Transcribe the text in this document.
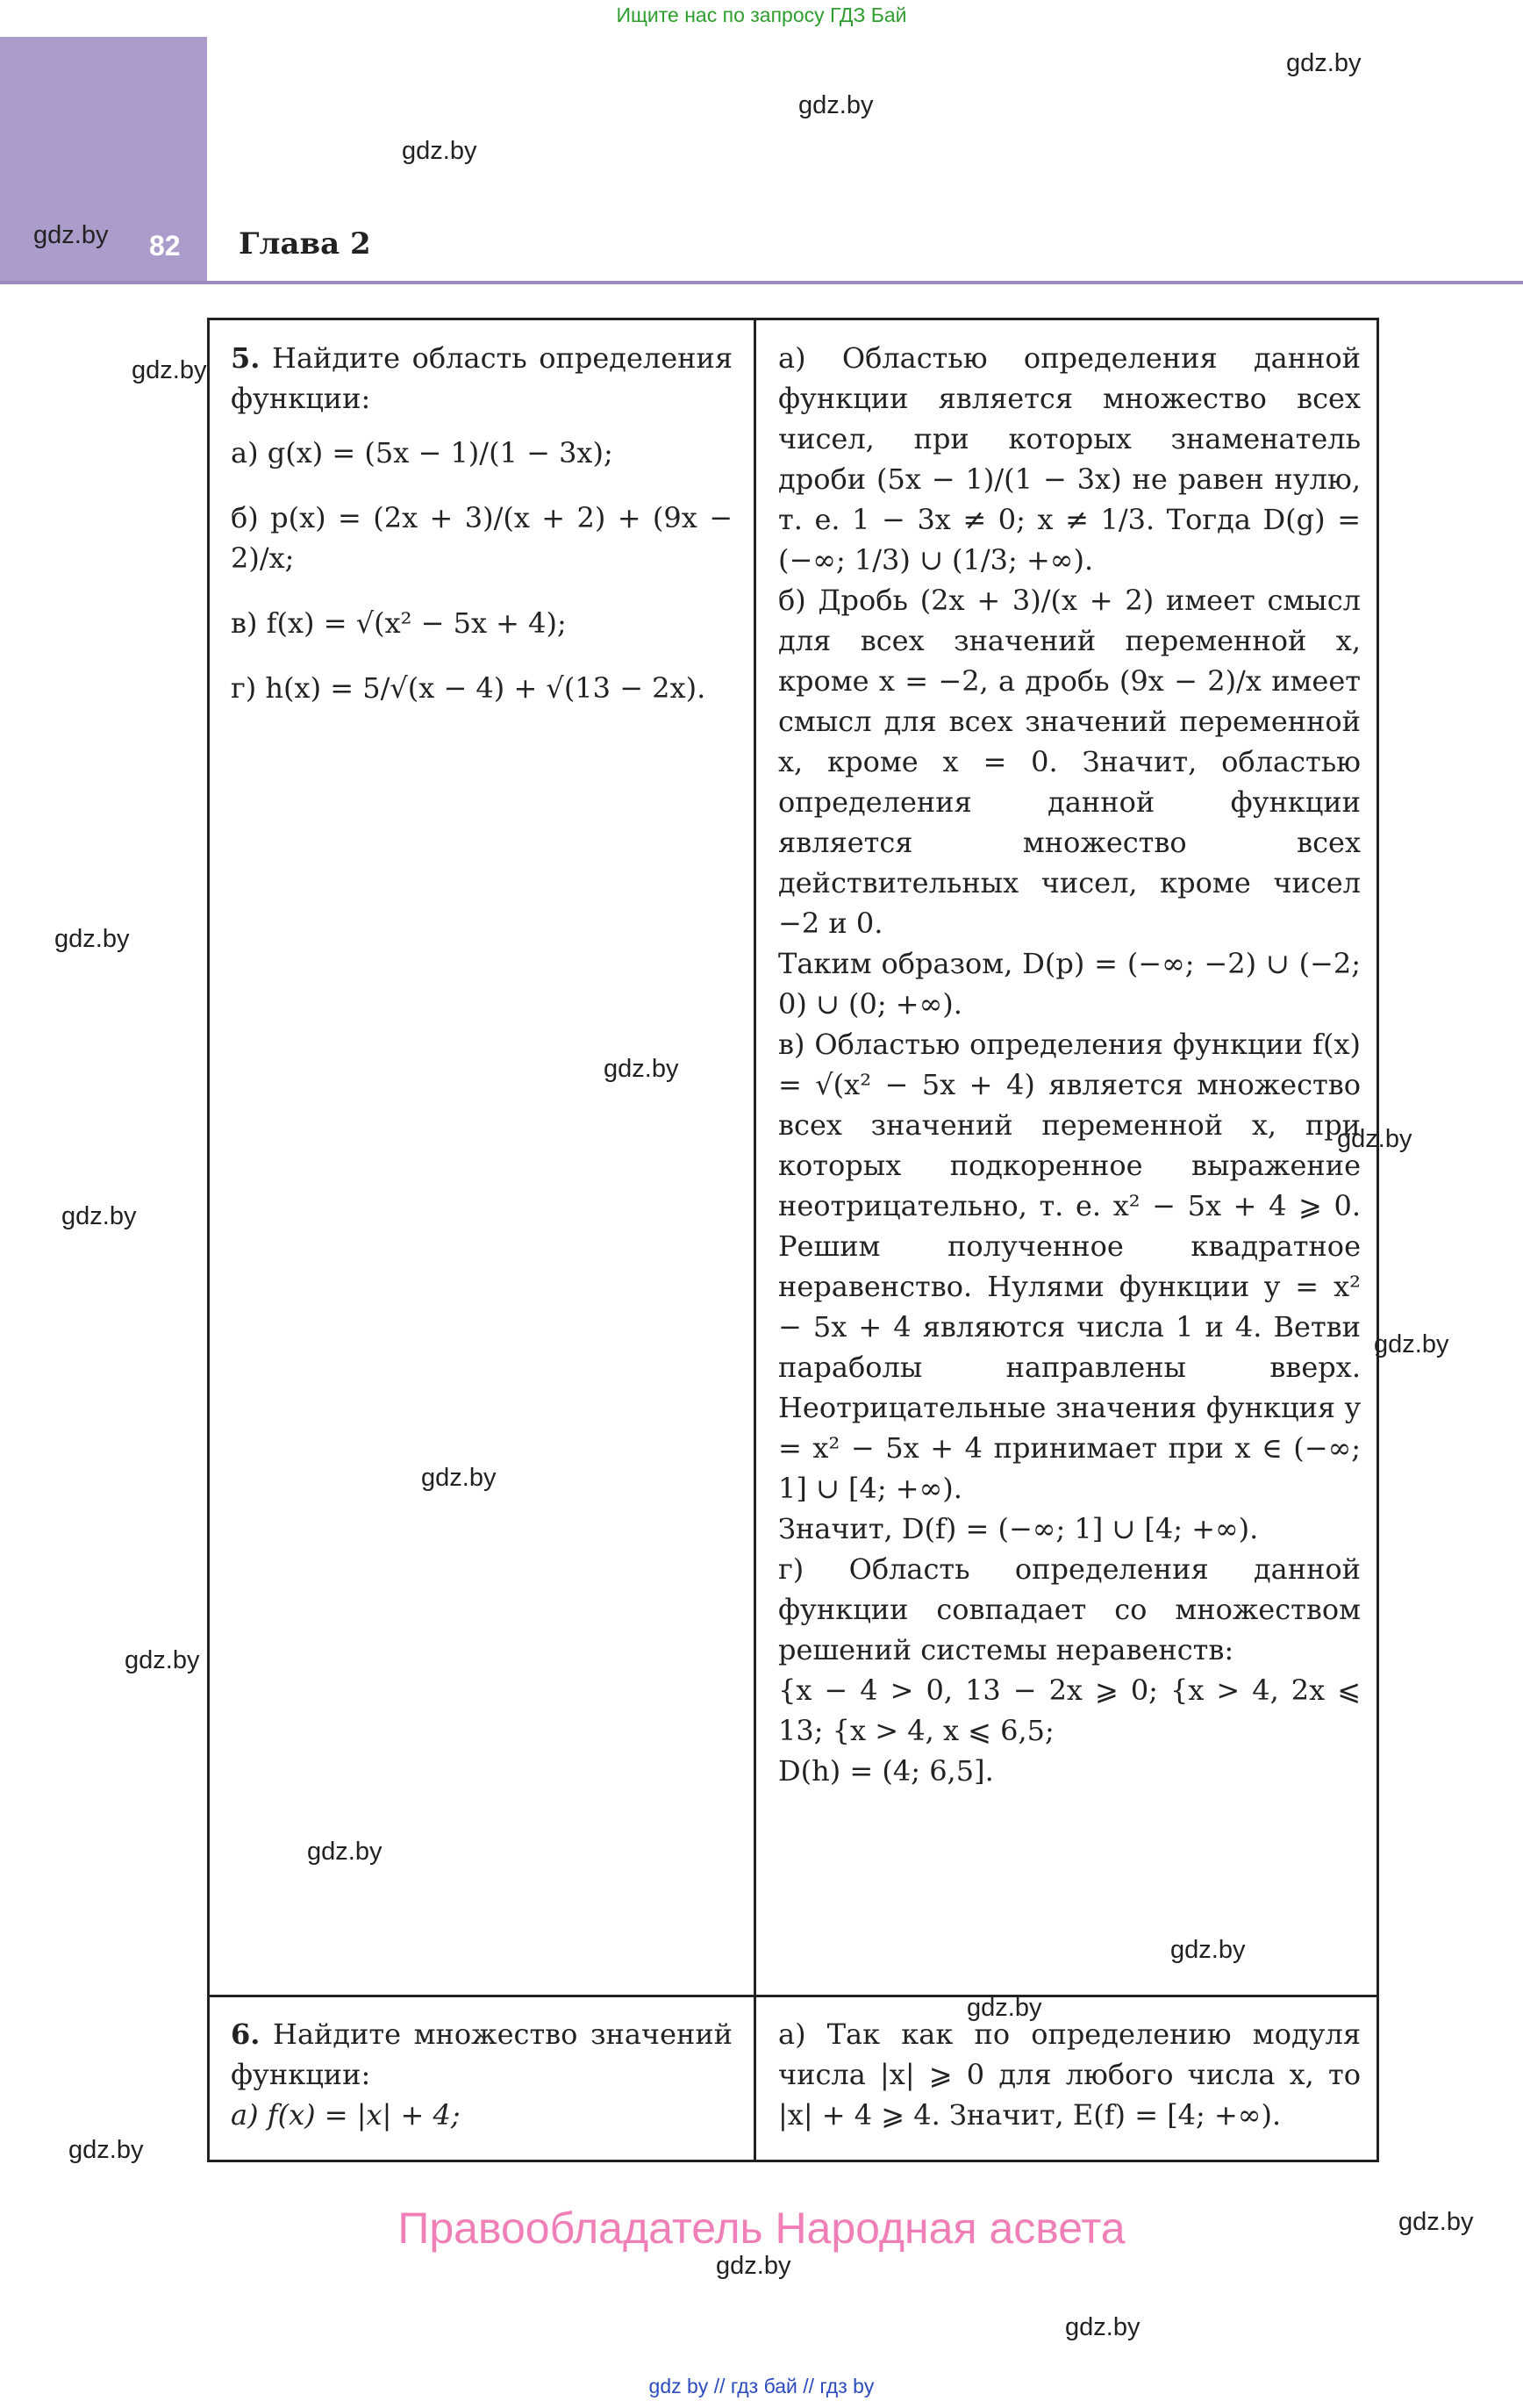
Ищите нас по запросу ГДЗ Бай
82 Глава 2
gdz.by
gdz.by
gdz.by
gdz.by
gdz.by
gdz.by
gdz.by
gdz.by
gdz.by
gdz.by
gdz.by
gdz.by

5. Найдите область определения функции:

а) g(x) = (5x − 1)/(1 − 3x);
б) p(x) = (2x + 3)/(x + 2) + (9x − 2)/x;
в) f(x) = √(x² − 5x + 4);
г) h(x) = 5/√(x − 4) + √(13 − 2x).

а) Областью определения данной функции является множество всех чисел, при которых знаменатель дроби (5x − 1)/(1 − 3x) не равен нулю, т. е. 1 − 3x ≠ 0; x ≠ 1/3. Тогда D(g) = (−∞; 1/3) ∪ (1/3; +∞).

б) Дробь (2x + 3)/(x + 2) имеет смысл для всех значений переменной x, кроме x = −2, а дробь (9x − 2)/x имеет смысл для всех значений переменной x, кроме x = 0. Значит, областью определения данной функции является множество всех действительных чисел, кроме чисел −2 и 0.

Таким образом, D(p) = (−∞; −2) ∪ (−2; 0) ∪ (0; +∞).

в) Областью определения функции f(x) = √(x² − 5x + 4) является множество всех значений переменной x, при которых подкоренное выражение неотрицательно, т. е. x² − 5x + 4 ⩾ 0. Решим полученное квадратное неравенство. Нулями функции y = x² − 5x + 4 являются числа 1 и 4. Ветви параболы направлены вверх. Неотрицательные значения функция y = x² − 5x + 4 принимает при x ∈ (−∞; 1] ∪ [4; +∞).

Значит, D(f) = (−∞; 1] ∪ [4; +∞).

г) Область определения данной функции совпадает со множеством решений системы неравенств:

{x − 4 > 0, 13 − 2x ⩾ 0; {x > 4, 2x ⩽ 13; {x > 4, x ⩽ 6,5;

D(h) = (4; 6,5].

6. Найдите множество значений функции:

а) f(x) = |x| + 4;

а) Так как по определению модуля числа |x| ⩾ 0 для любого числа x, то |x| + 4 ⩾ 4. Значит, E(f) = [4; +∞).

gdz.by
gdz.by
gdz.by
gdz.by
gdz.by
gdz.by
gdz.by
Правообладатель Народная асвета
gdz by // гдз бай // гдз by
